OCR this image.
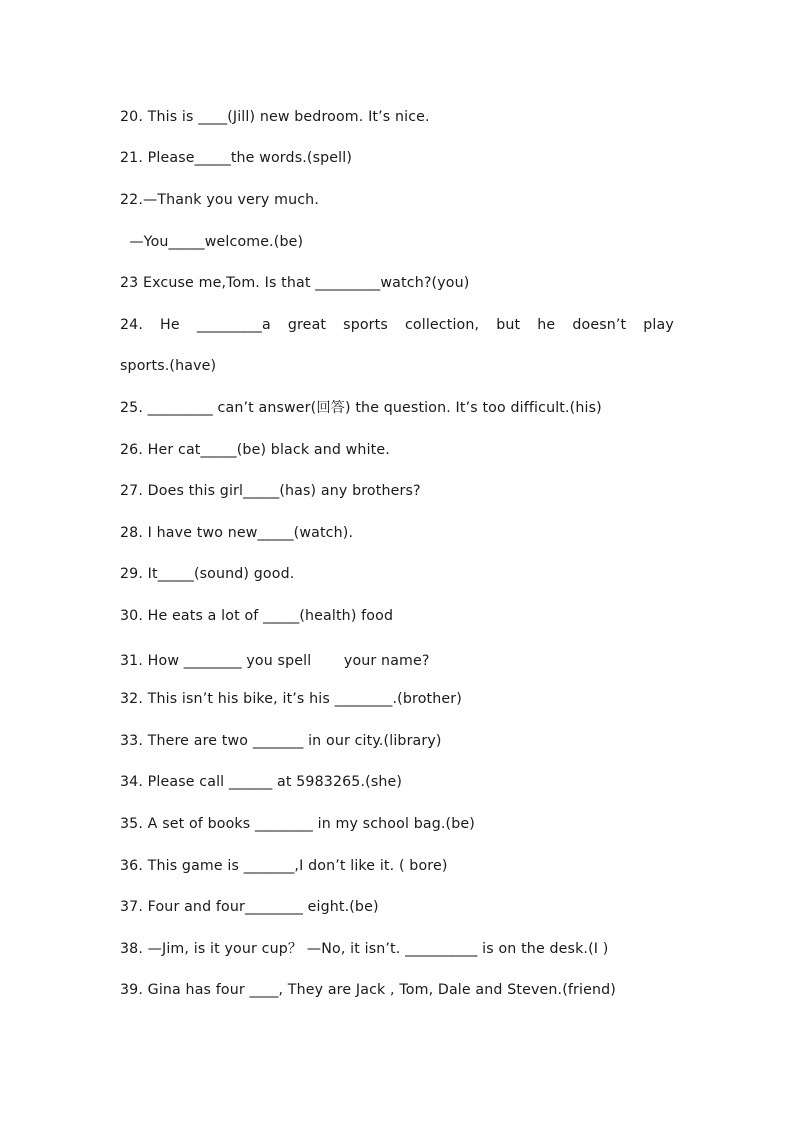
20. This is ____(Jill) new bedroom. It’s nice.
21. Please_____the words.(spell)
22.—Thank you very much.
—You_____welcome.(be)
23 Excuse me,Tom. Is that _________watch?(you)
24. He _________a great sports collection, but he doesn’t play
sports.(have)
25. _________ can’t answer(回答) the question. It’s too difficult.(his)
26. Her cat_____(be) black and white.
27. Does this girl_____(has) any brothers?
28. I have two new_____(watch).
29. It_____(sound) good.
30. He eats a lot of _____(health) food
31. How ________ you spell       your name?
32. This isn’t his bike, it’s his ________.(brother)
33. There are two _______ in our city.(library)
34. Please call ______ at 5983265.(she)
35. A set of books ________ in my school bag.(be)
36. This game is _______,I don’t like it. ( bore)
37. Four and four________ eight.(be)
38. —Jim, is it your cup？ —No, it isn’t. __________ is on the desk.(I )
39. Gina has four ____, They are Jack , Tom, Dale and Steven.(friend)
